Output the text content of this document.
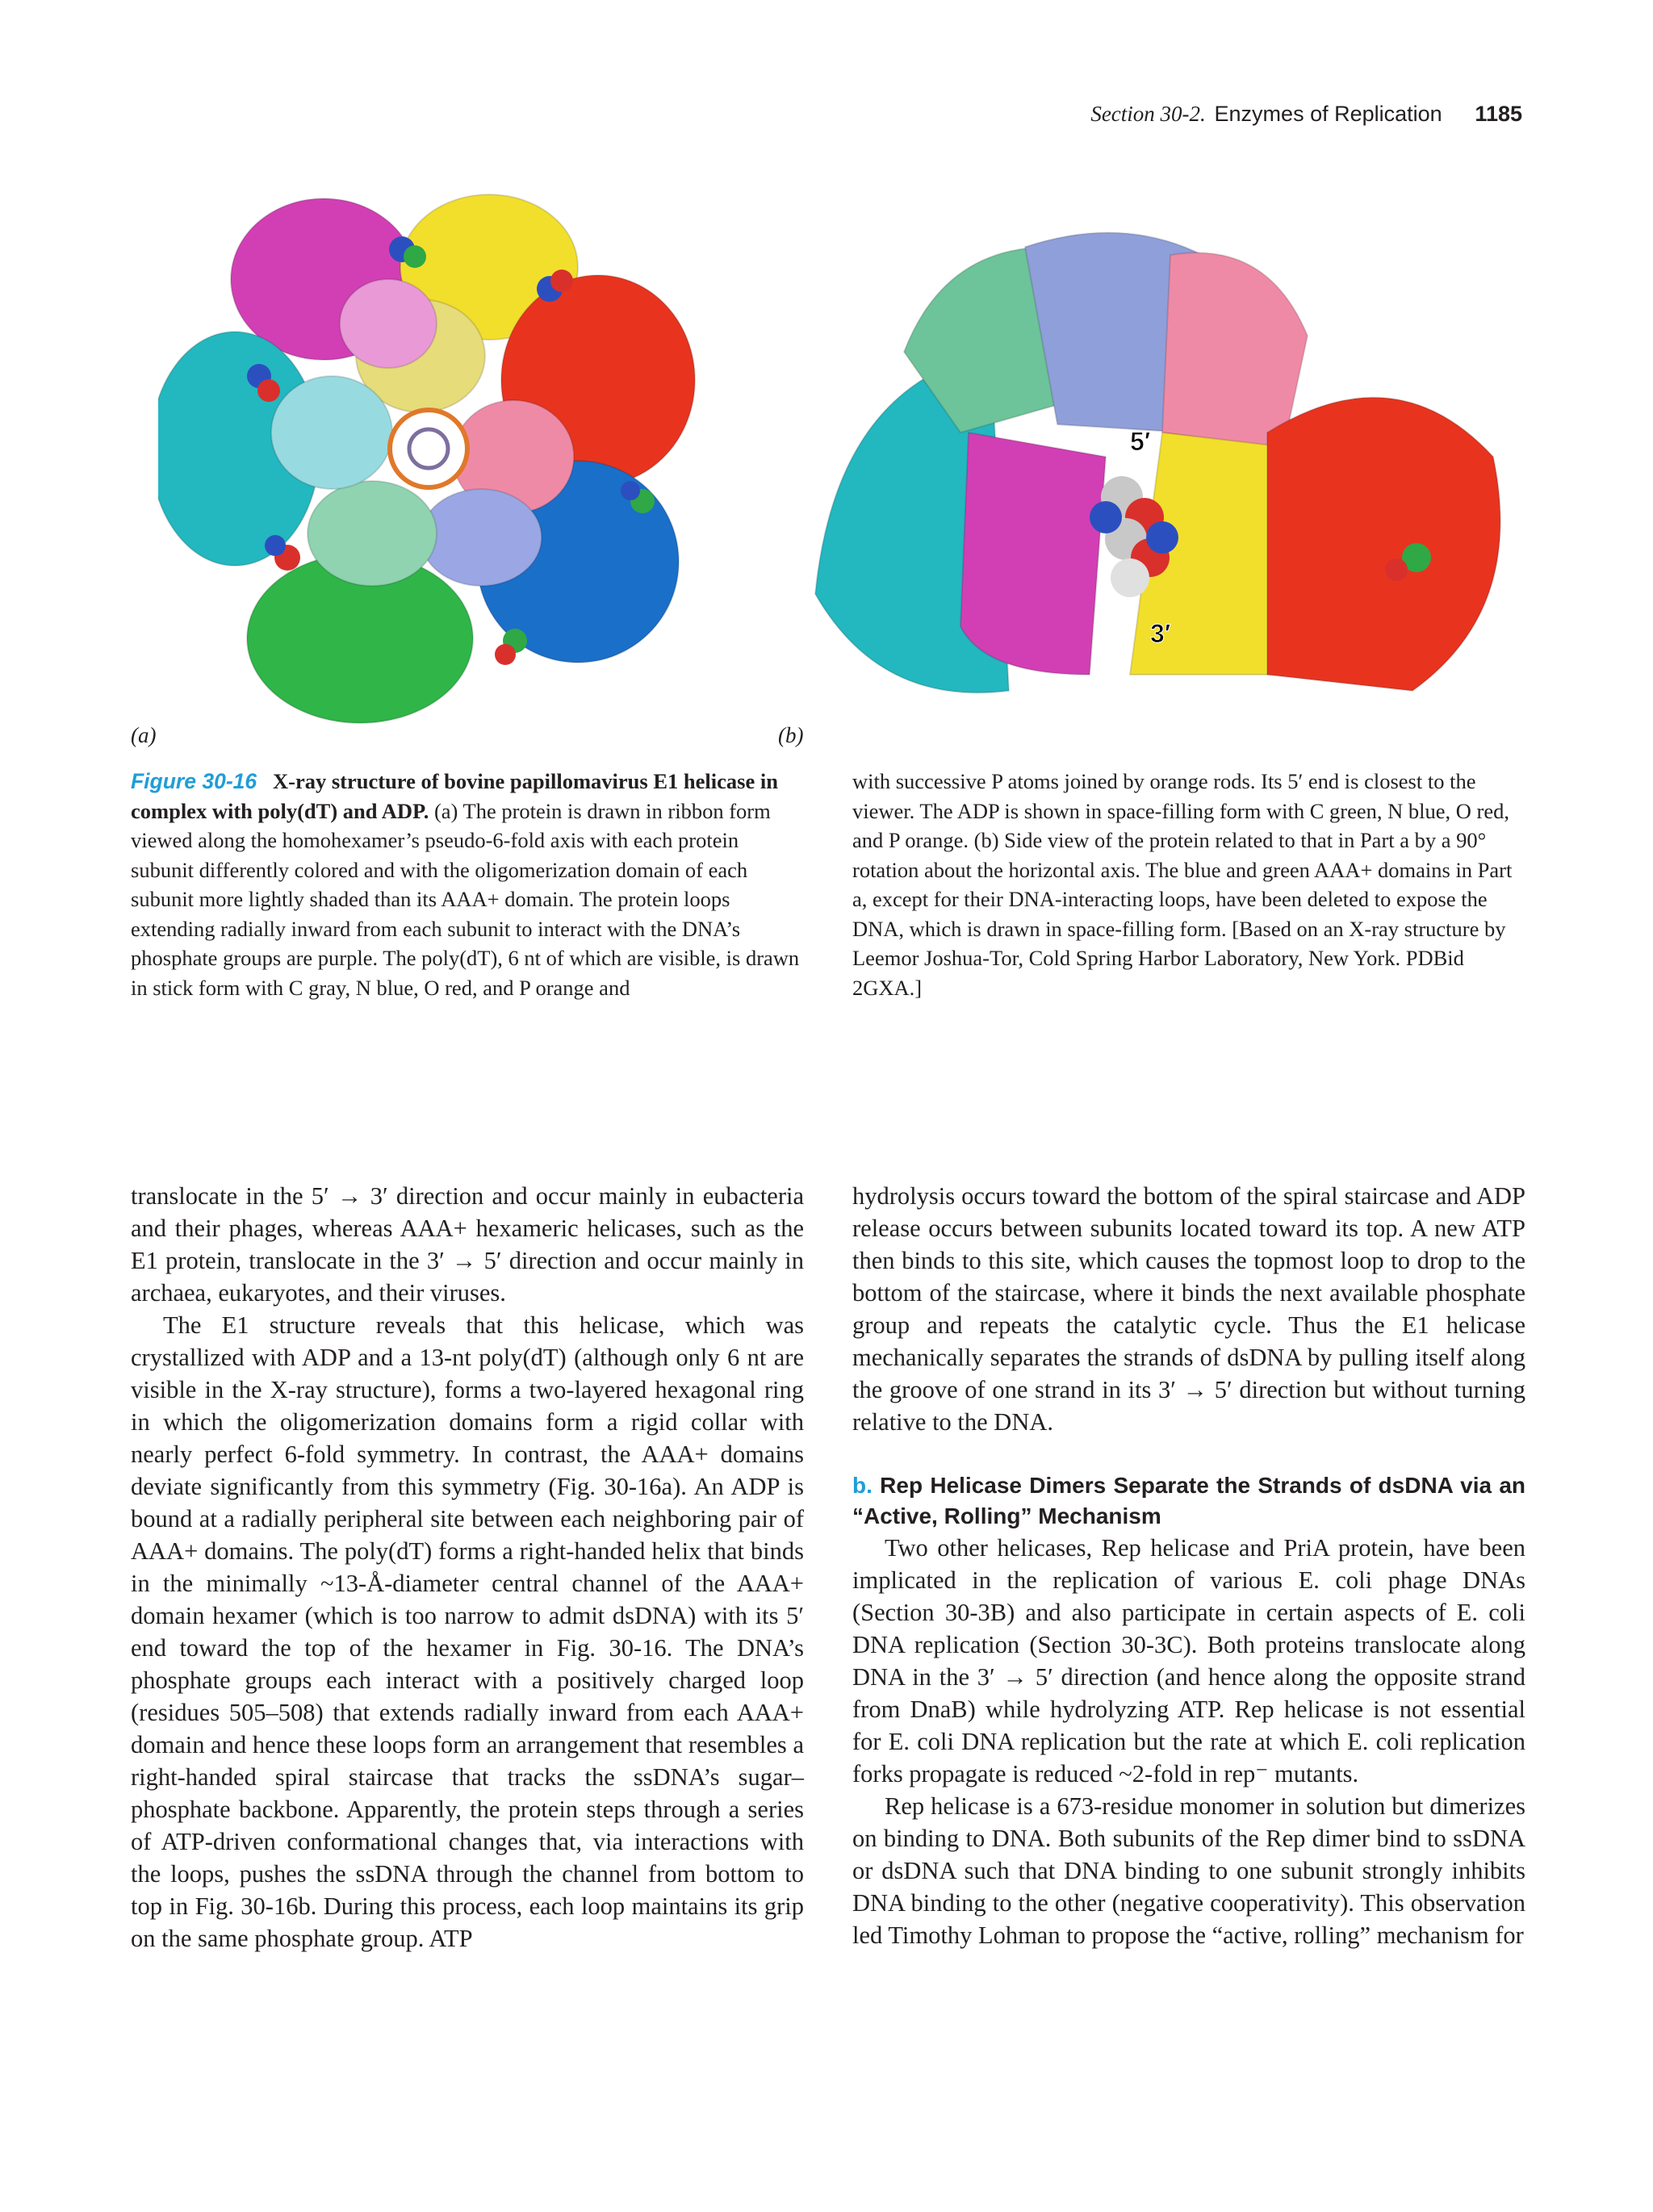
Section 30-2. Enzymes of Replication 1185
5′
3′
(a)	(b)
Figure 30-16 X-ray structure of bovine papillomavirus E1 helicase in complex with poly(dT) and ADP. (a) The protein is drawn in ribbon form viewed along the homohexamer’s pseudo-6-fold axis with each protein subunit differently colored and with the oligomerization domain of each subunit more lightly shaded than its AAA+ domain. The protein loops extending radially inward from each subunit to interact with the DNA’s phosphate groups are purple. The poly(dT), 6 nt of which are visible, is drawn in stick form with C gray, N blue, O red, and P orange and
with successive P atoms joined by orange rods. Its 5′ end is closest to the viewer. The ADP is shown in space-filling form with C green, N blue, O red, and P orange. (b) Side view of the protein related to that in Part a by a 90° rotation about the horizontal axis. The blue and green AAA+ domains in Part a, except for their DNA-interacting loops, have been deleted to expose the DNA, which is drawn in space-filling form. [Based on an X-ray structure by Leemor Joshua-Tor, Cold Spring Harbor Laboratory, New York. PDBid 2GXA.]

translocate in the 5′ → 3′ direction and occur mainly in eubacteria and their phages, whereas AAA+ hexameric helicases, such as the E1 protein, translocate in the 3′ → 5′ direction and occur mainly in archaea, eukaryotes, and their viruses.

The E1 structure reveals that this helicase, which was crystallized with ADP and a 13-nt poly(dT) (although only 6 nt are visible in the X-ray structure), forms a two-layered hexagonal ring in which the oligomerization domains form a rigid collar with nearly perfect 6-fold symmetry. In contrast, the AAA+ domains deviate significantly from this symmetry (Fig. 30-16a). An ADP is bound at a radially peripheral site between each neighboring pair of AAA+ domains. The poly(dT) forms a right-handed helix that binds in the minimally ~13-Å-diameter central channel of the AAA+ domain hexamer (which is too narrow to admit dsDNA) with its 5′ end toward the top of the hexamer in Fig. 30-16. The DNA’s phosphate groups each interact with a positively charged loop (residues 505–508) that extends radially inward from each AAA+ domain and hence these loops form an arrangement that resembles a right-handed spiral staircase that tracks the ssDNA’s sugar–phosphate backbone. Apparently, the protein steps through a series of ATP-driven conformational changes that, via interactions with the loops, pushes the ssDNA through the channel from bottom to top in Fig. 30-16b. During this process, each loop maintains its grip on the same phosphate group. ATP

hydrolysis occurs toward the bottom of the spiral staircase and ADP release occurs between subunits located toward its top. A new ATP then binds to this site, which causes the topmost loop to drop to the bottom of the staircase, where it binds the next available phosphate group and repeats the catalytic cycle. Thus the E1 helicase mechanically separates the strands of dsDNA by pulling itself along the groove of one strand in its 3′ → 5′ direction but without turning relative to the DNA.

b. Rep Helicase Dimers Separate the Strands of dsDNA via an “Active, Rolling” Mechanism

Two other helicases, Rep helicase and PriA protein, have been implicated in the replication of various E. coli phage DNAs (Section 30-3B) and also participate in certain aspects of E. coli DNA replication (Section 30-3C). Both proteins translocate along DNA in the 3′ → 5′ direction (and hence along the opposite strand from DnaB) while hydrolyzing ATP. Rep helicase is not essential for E. coli DNA replication but the rate at which E. coli replication forks propagate is reduced ~2-fold in rep⁻ mutants.

Rep helicase is a 673-residue monomer in solution but dimerizes on binding to DNA. Both subunits of the Rep dimer bind to ssDNA or dsDNA such that DNA binding to one subunit strongly inhibits DNA binding to the other (negative cooperativity). This observation led Timothy Lohman to propose the “active, rolling” mechanism for
